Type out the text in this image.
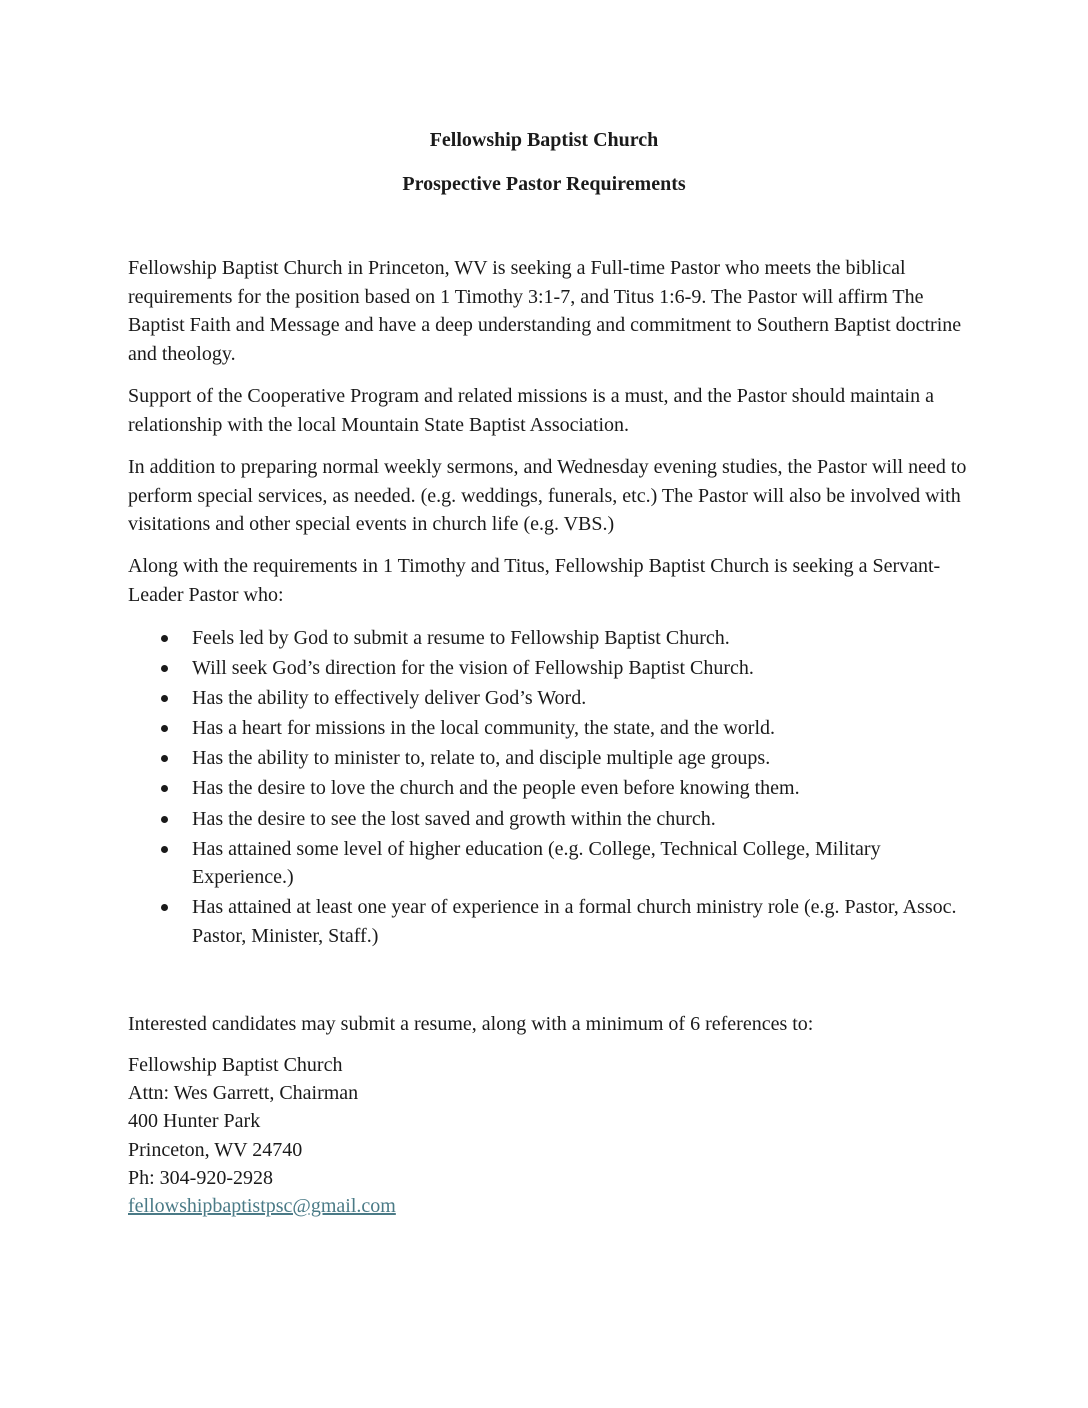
Fellowship Baptist Church
Prospective Pastor Requirements

Fellowship Baptist Church in Princeton, WV is seeking a Full-time Pastor who meets the biblical requirements for the position based on 1 Timothy 3:1-7, and Titus 1:6-9. The Pastor will affirm The Baptist Faith and Message and have a deep understanding and commitment to Southern Baptist doctrine and theology.

Support of the Cooperative Program and related missions is a must, and the Pastor should maintain a relationship with the local Mountain State Baptist Association.

In addition to preparing normal weekly sermons, and Wednesday evening studies, the Pastor will need to perform special services, as needed. (e.g. weddings, funerals, etc.) The Pastor will also be involved with visitations and other special events in church life (e.g. VBS.)

Along with the requirements in 1 Timothy and Titus, Fellowship Baptist Church is seeking a Servant-Leader Pastor who:

Feels led by God to submit a resume to Fellowship Baptist Church.
Will seek God’s direction for the vision of Fellowship Baptist Church.
Has the ability to effectively deliver God’s Word.
Has a heart for missions in the local community, the state, and the world.
Has the ability to minister to, relate to, and disciple multiple age groups.
Has the desire to love the church and the people even before knowing them.
Has the desire to see the lost saved and growth within the church.
Has attained some level of higher education (e.g. College, Technical College, Military Experience.)
Has attained at least one year of experience in a formal church ministry role (e.g. Pastor, Assoc. Pastor, Minister, Staff.)

Interested candidates may submit a resume, along with a minimum of 6 references to:

Fellowship Baptist Church
Attn: Wes Garrett, Chairman
400 Hunter Park
Princeton, WV 24740
Ph: 304-920-2928
fellowshipbaptistpsc@gmail.com
